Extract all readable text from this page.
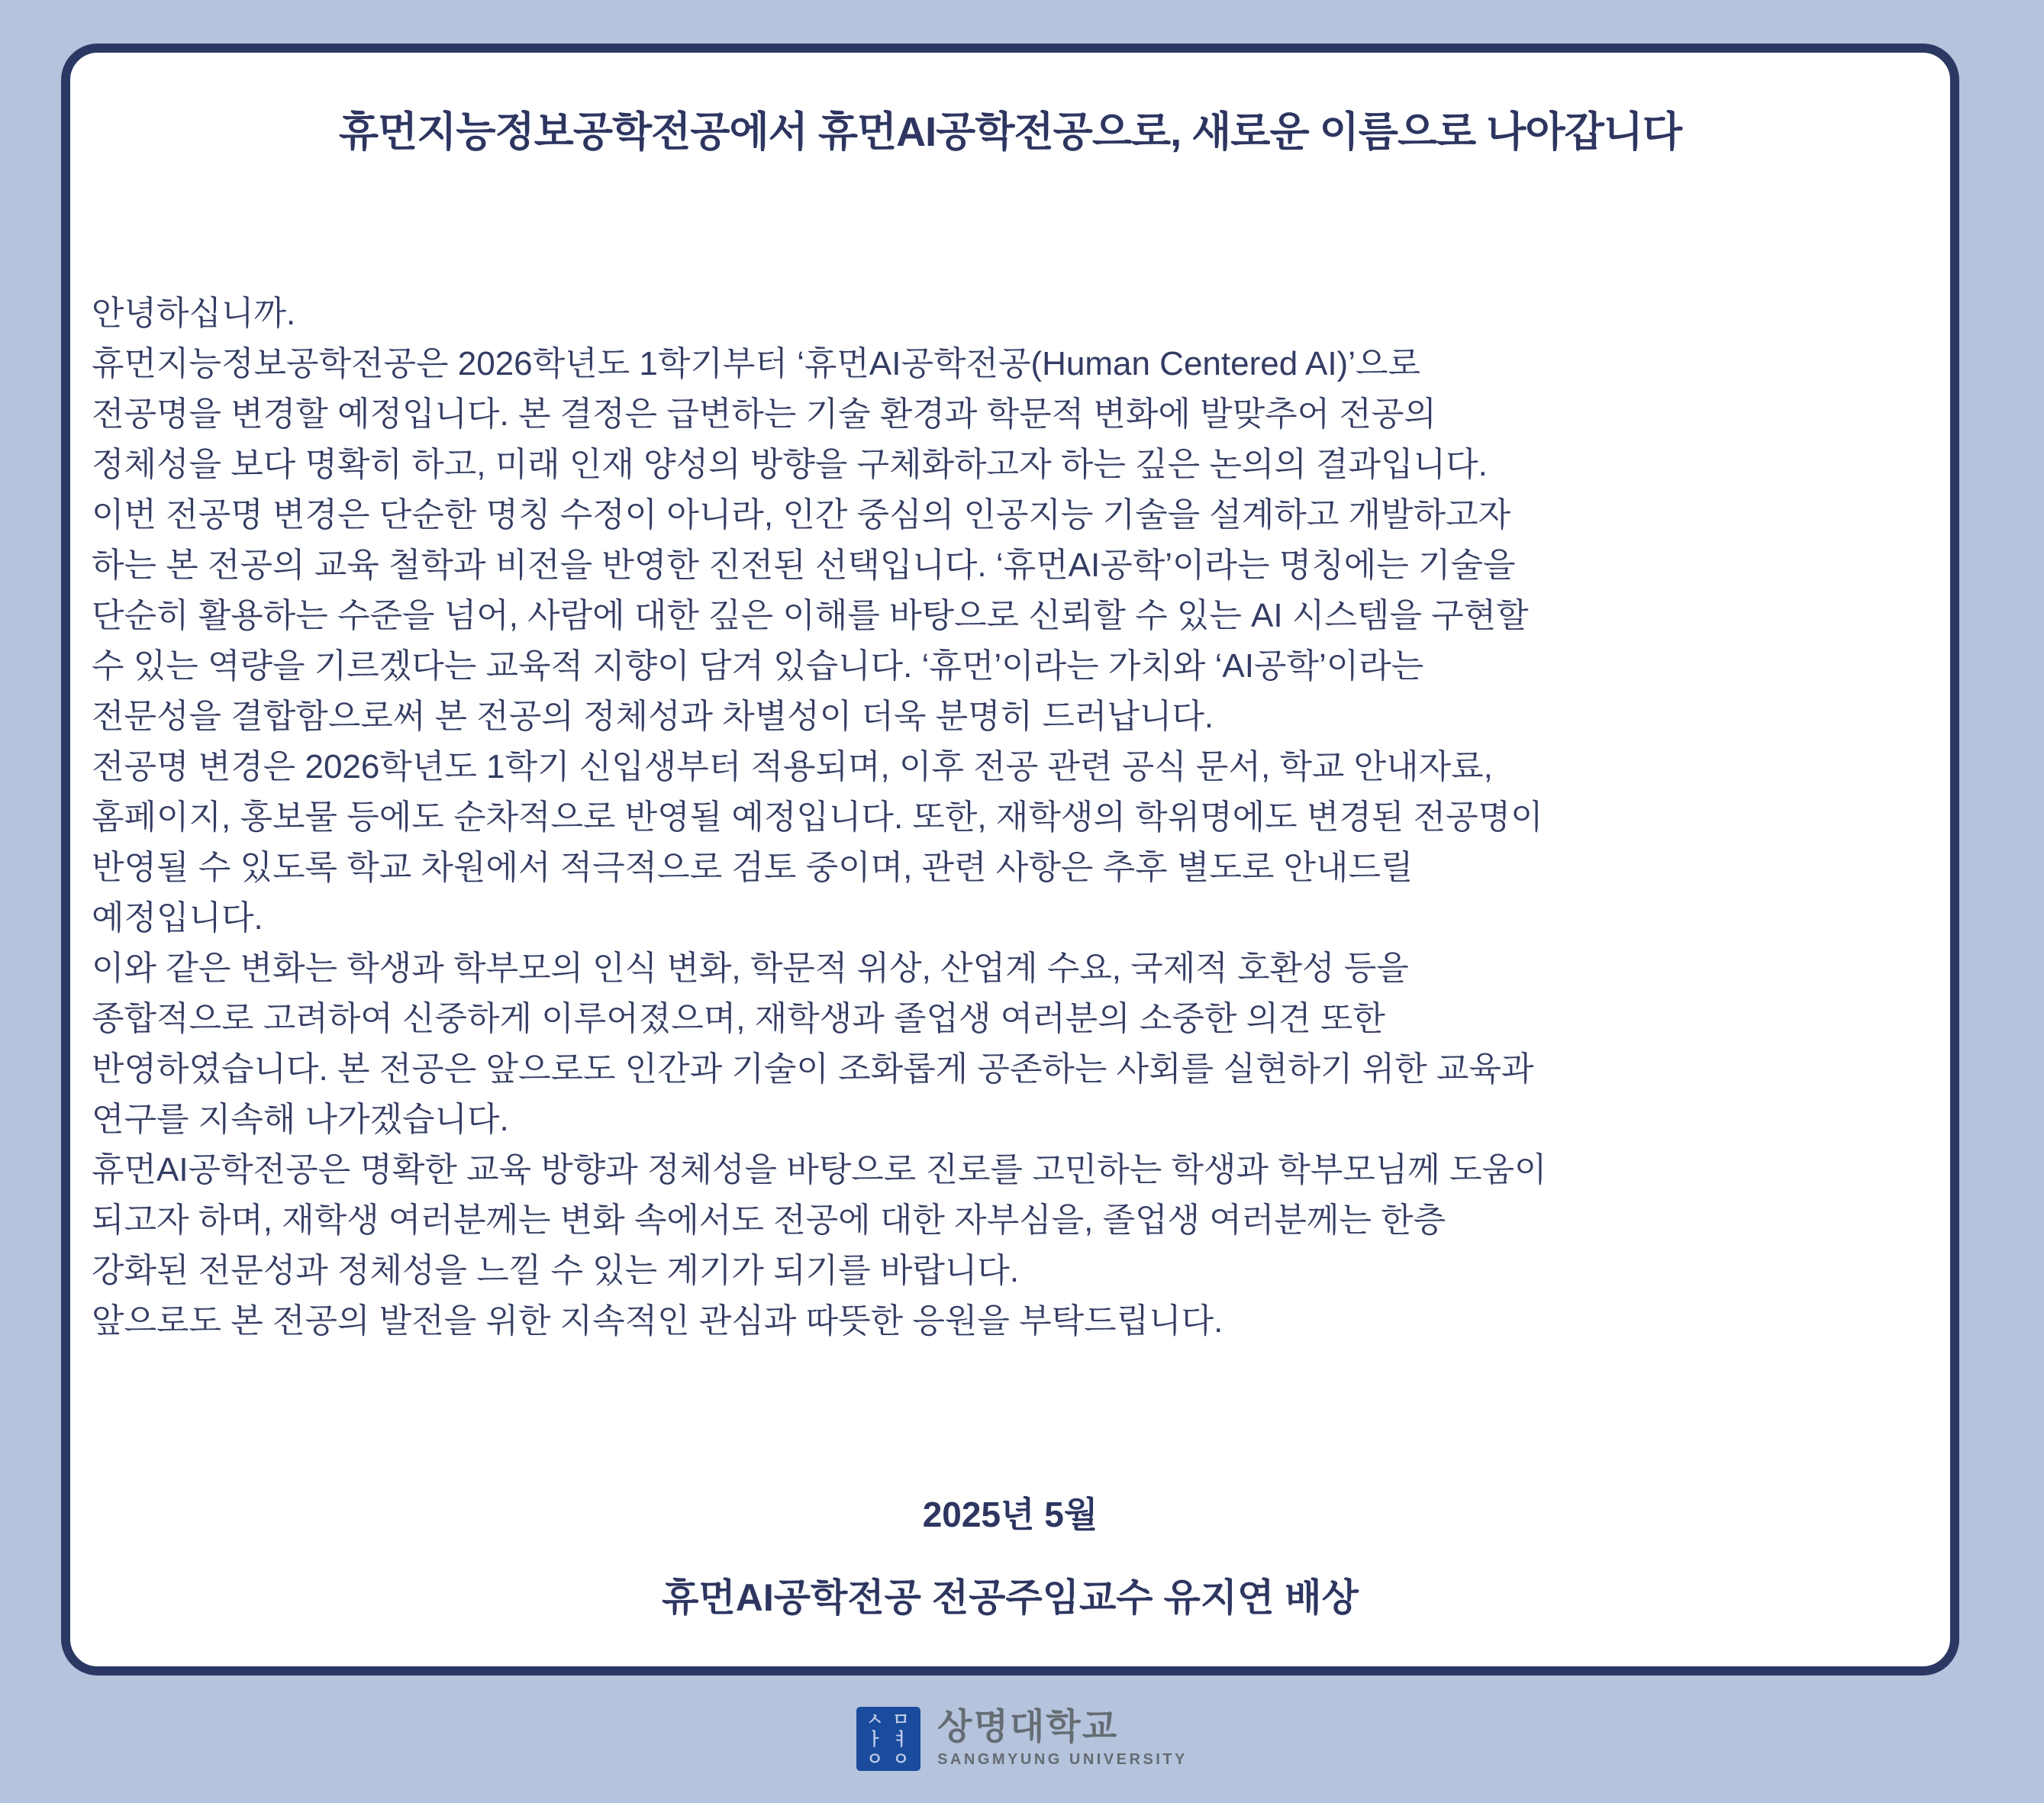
휴먼지능정보공학전공에서 휴먼AI공학전공으로, 새로운 이름으로 나아갑니다
안녕하십니까.
휴먼지능정보공학전공은 2026학년도 1학기부터 ‘휴먼AI공학전공(Human Centered AI)’으로
전공명을 변경할 예정입니다. 본 결정은 급변하는 기술 환경과 학문적 변화에 발맞추어 전공의
정체성을 보다 명확히 하고, 미래 인재 양성의 방향을 구체화하고자 하는 깊은 논의의 결과입니다.
이번 전공명 변경은 단순한 명칭 수정이 아니라, 인간 중심의 인공지능 기술을 설계하고 개발하고자
하는 본 전공의 교육 철학과 비전을 반영한 진전된 선택입니다. ‘휴먼AI공학’이라는 명칭에는 기술을
단순히 활용하는 수준을 넘어, 사람에 대한 깊은 이해를 바탕으로 신뢰할 수 있는 AI 시스템을 구현할
수 있는 역량을 기르겠다는 교육적 지향이 담겨 있습니다. ‘휴먼’이라는 가치와 ‘AI공학’이라는
전문성을 결합함으로써 본 전공의 정체성과 차별성이 더욱 분명히 드러납니다.
전공명 변경은 2026학년도 1학기 신입생부터 적용되며, 이후 전공 관련 공식 문서, 학교 안내자료,
홈페이지, 홍보물 등에도 순차적으로 반영될 예정입니다. 또한, 재학생의 학위명에도 변경된 전공명이
반영될 수 있도록 학교 차원에서 적극적으로 검토 중이며, 관련 사항은 추후 별도로 안내드릴
예정입니다.
이와 같은 변화는 학생과 학부모의 인식 변화, 학문적 위상, 산업계 수요, 국제적 호환성 등을
종합적으로 고려하여 신중하게 이루어졌으며, 재학생과 졸업생 여러분의 소중한 의견 또한
반영하였습니다. 본 전공은 앞으로도 인간과 기술이 조화롭게 공존하는 사회를 실현하기 위한 교육과
연구를 지속해 나가겠습니다.
휴먼AI공학전공은 명확한 교육 방향과 정체성을 바탕으로 진로를 고민하는 학생과 학부모님께 도움이
되고자 하며, 재학생 여러분께는 변화 속에서도 전공에 대한 자부심을, 졸업생 여러분께는 한층
강화된 전문성과 정체성을 느낄 수 있는 계기가 되기를 바랍니다.
앞으로도 본 전공의 발전을 위한 지속적인 관심과 따뜻한 응원을 부탁드립니다.
2025년 5월
휴먼AI공학전공 전공주임교수 유지연 배상
ㅅㅁ
ㅏㅕ
ㅇㅇ
상명대학교
SANGMYUNG UNIVERSITY
